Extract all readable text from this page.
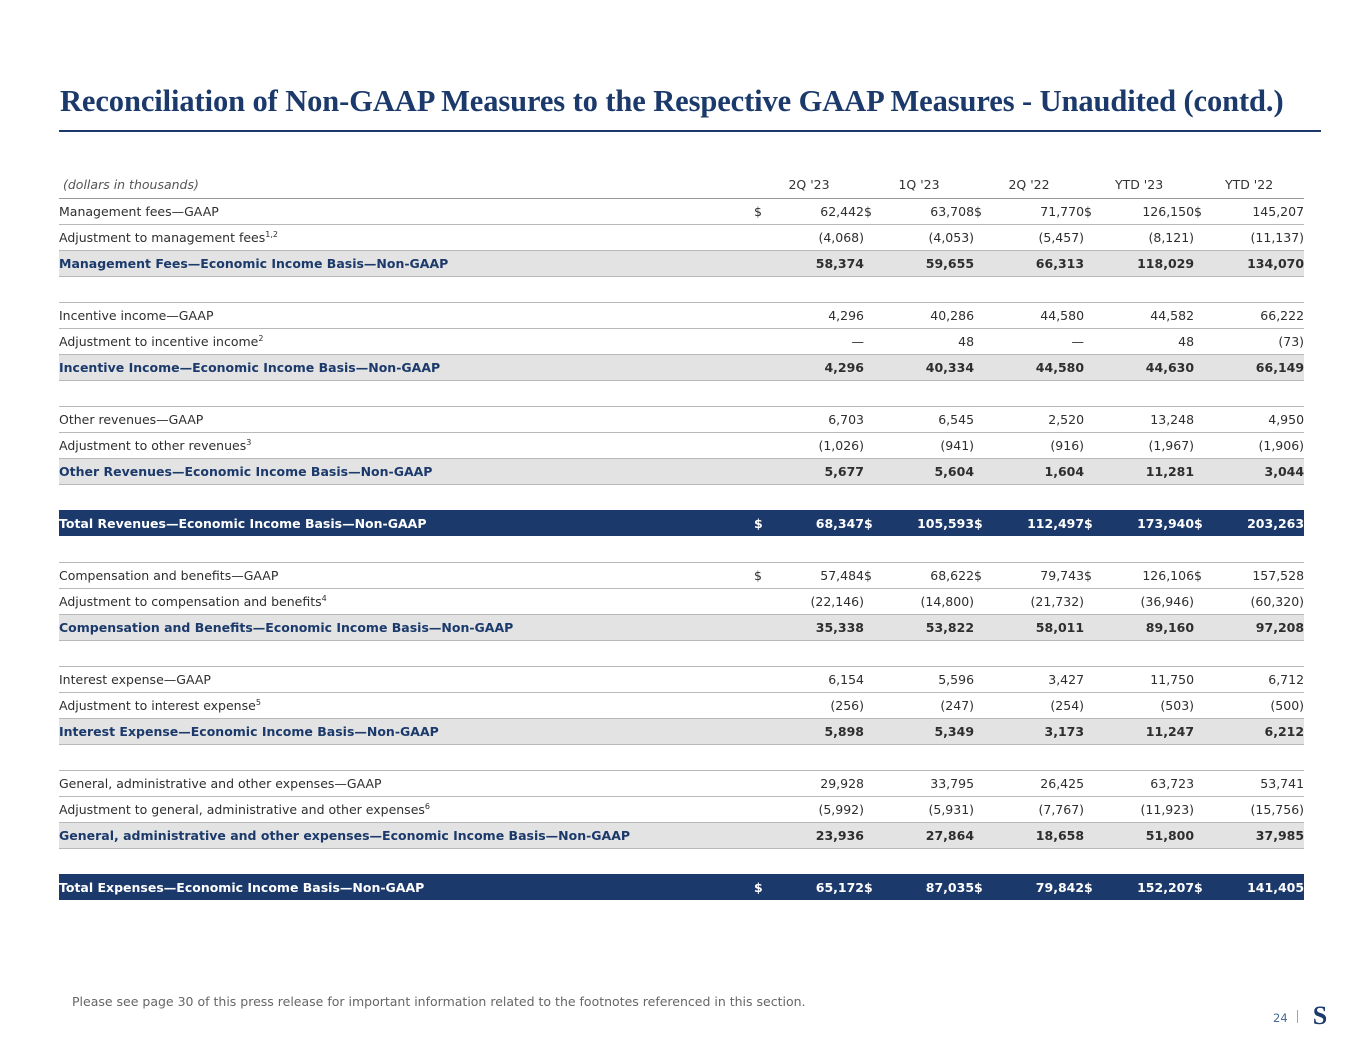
Reconciliation of Non-GAAP Measures to the Respective GAAP Measures - Unaudited (contd.)
(dollars in thousands)	2Q '23		1Q '23		2Q '22		YTD '23		YTD '22	
Management fees—GAAP	$	62,442	$	63,708	$	71,770	$	126,150	$	145,207
Adjustment to management fees$^{1,2}$		(4,068)		(4,053)		(5,457)		(8,121)		(11,137)
Management Fees—Economic Income Basis—Non-GAAP		58,374		59,655		66,313		118,029		134,070

Incentive income—GAAP		4,296		40,286		44,580		44,582		66,222
Adjustment to incentive income$^2$		—		48		—		48		(73)
Incentive Income—Economic Income Basis—Non-GAAP		4,296		40,334		44,580		44,630		66,149

Other revenues—GAAP		6,703		6,545		2,520		13,248		4,950
Adjustment to other revenues$^3$		(1,026)		(941)		(916)		(1,967)		(1,906)
Other Revenues—Economic Income Basis—Non-GAAP		5,677		5,604		1,604		11,281		3,044

Total Revenues—Economic Income Basis—Non-GAAP	$	68,347	$	105,593	$	112,497	$	173,940	$	203,263

Compensation and benefits—GAAP	$	57,484	$	68,622	$	79,743	$	126,106	$	157,528
Adjustment to compensation and benefits$^4$		(22,146)		(14,800)		(21,732)		(36,946)		(60,320)
Compensation and Benefits—Economic Income Basis—Non-GAAP		35,338		53,822		58,011		89,160		97,208

Interest expense—GAAP		6,154		5,596		3,427		11,750		6,712
Adjustment to interest expense$^5$		(256)		(247)		(254)		(503)		(500)
Interest Expense—Economic Income Basis—Non-GAAP		5,898		5,349		3,173		11,247		6,212

General, administrative and other expenses—GAAP		29,928		33,795		26,425		63,723		53,741
Adjustment to general, administrative and other expenses$^6$		(5,992)		(5,931)		(7,767)		(11,923)		(15,756)
General, administrative and other expenses—Economic Income Basis—Non-GAAP		23,936		27,864		18,658		51,800		37,985

Total Expenses—Economic Income Basis—Non-GAAP	$	65,172	$	87,035	$	79,842	$	152,207	$	141,405
Please see page 30 of this press release for important information related to the footnotes referenced in this section.
24 S
